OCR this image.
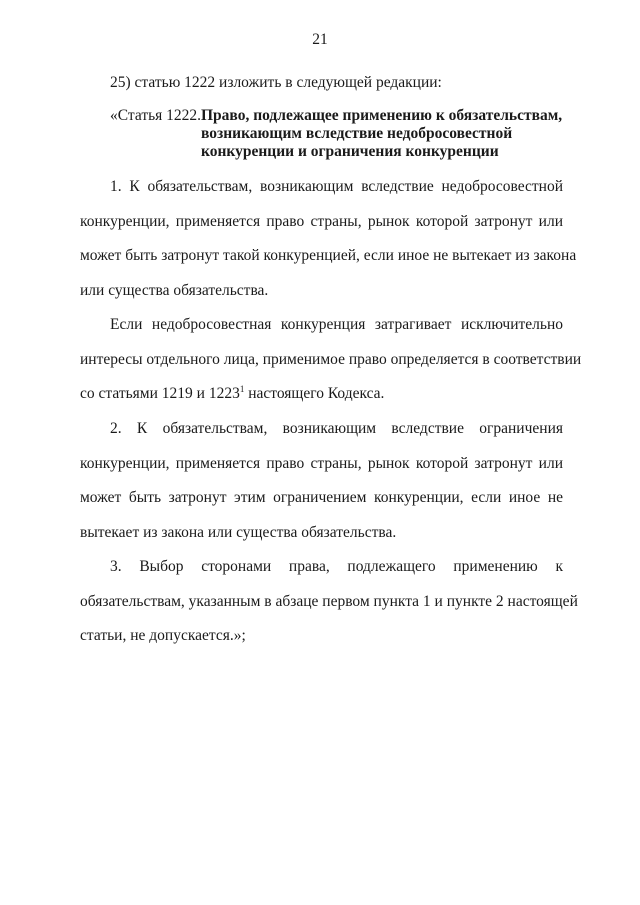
21
25) статью 1222 изложить в следующей редакции:
«Статья 1222. Право, подлежащее применению к обязательствам,
возникающим вследствие недобросовестной
конкуренции и ограничения конкуренции
1. К обязательствам, возникающим вследствие недобросовестной
конкуренции, применяется право страны, рынок которой затронут или
может быть затронут такой конкуренцией, если иное не вытекает из закона
или существа обязательства.
Если недобросовестная конкуренция затрагивает исключительно
интересы отдельного лица, применимое право определяется в соответствии
со статьями 1219 и 1223$^1$ настоящего Кодекса.
2. К обязательствам, возникающим вследствие ограничения
конкуренции, применяется право страны, рынок которой затронут или
может быть затронут этим ограничением конкуренции, если иное не
вытекает из закона или существа обязательства.
3. Выбор сторонами права, подлежащего применению к
обязательствам, указанным в абзаце первом пункта 1 и пункте 2 настоящей
статьи, не допускается.»;
